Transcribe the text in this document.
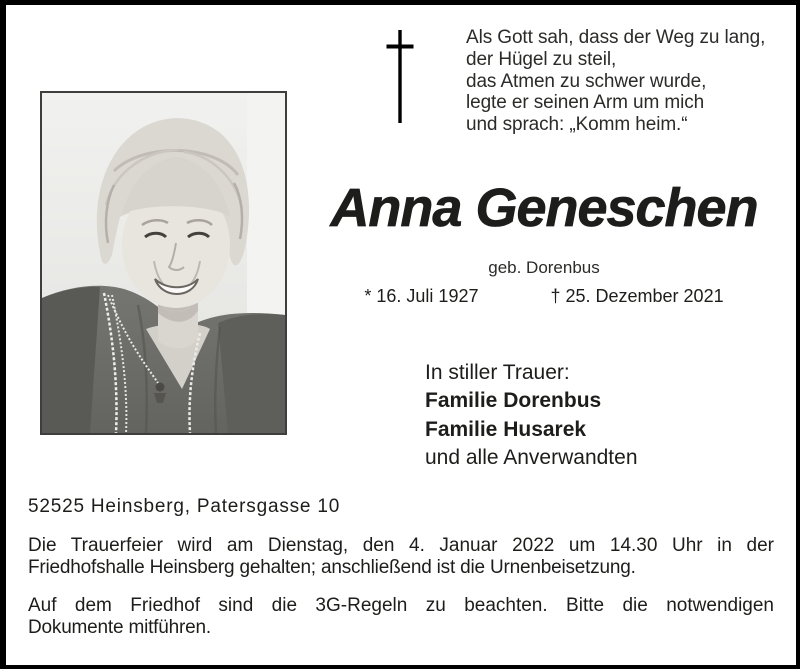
Als Gott sah, dass der Weg zu lang,
der Hügel zu steil,
das Atmen zu schwer wurde,
legte er seinen Arm um mich
und sprach: „Komm heim.“
Anna Geneschen
geb. Dorenbus
* 16. Juli 1927	† 25. Dezember 2021
In stiller Trauer:
Familie Dorenbus
Familie Husarek
und alle Anverwandten
52525 Heinsberg, Patersgasse 10
Die Trauerfeier wird am Dienstag, den 4. Januar 2022 um 14.30 Uhr in der
Friedhofshalle Heinsberg gehalten; anschließend ist die Urnenbeisetzung.
Auf dem Friedhof sind die 3G-Regeln zu beachten. Bitte die notwendigen
Dokumente mitführen.
